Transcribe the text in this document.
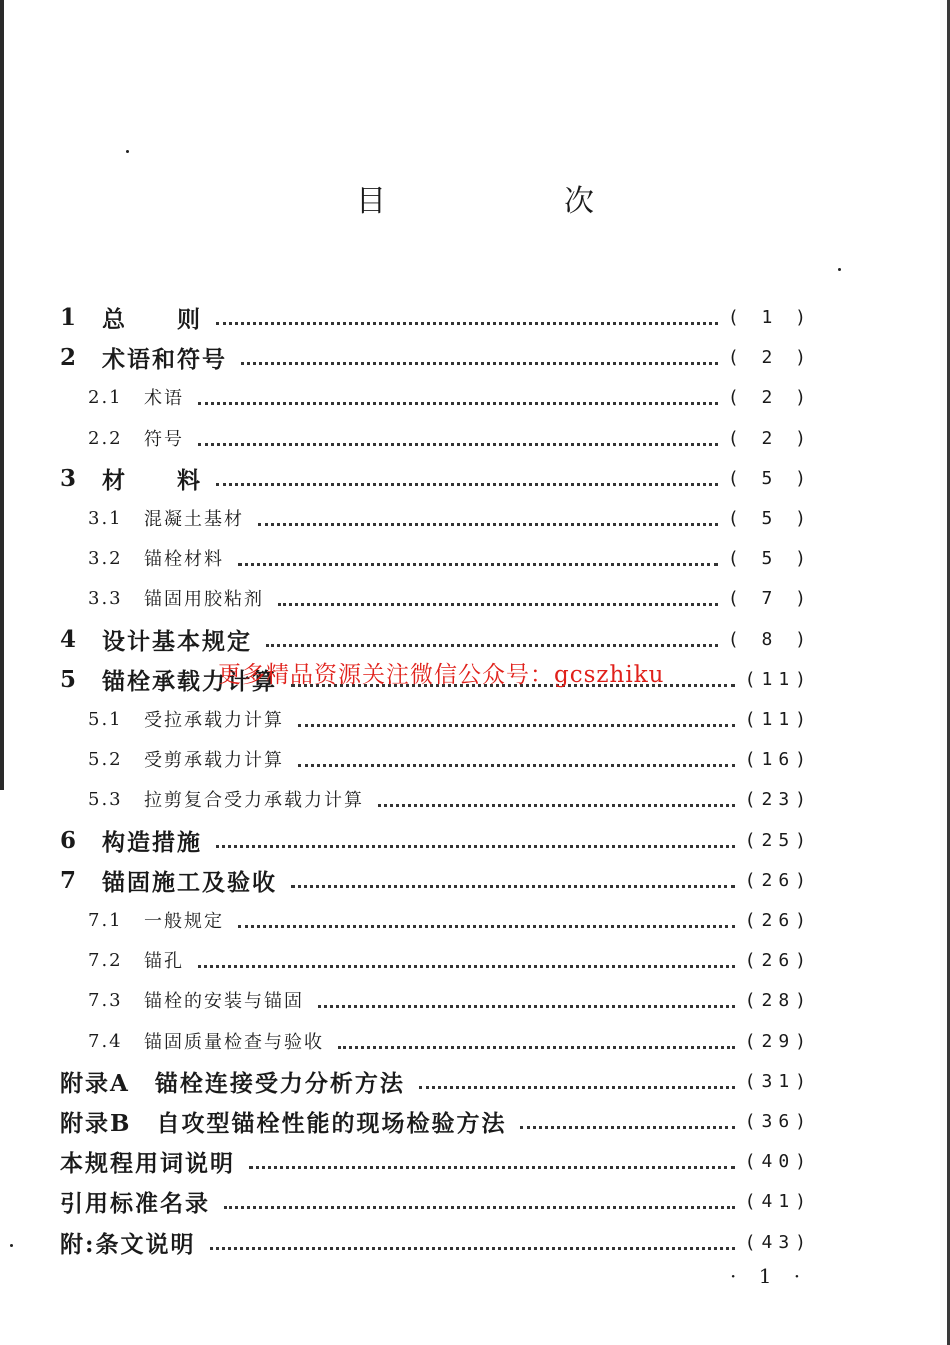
目　次
1	总　　则	( 1 )
2	术语和符号	( 2 )
2.1	术语	( 2 )
2.2	符号	( 2 )
3	材　　料	( 5 )
3.1	混凝土基材	( 5 )
3.2	锚栓材料	( 5 )
3.3	锚固用胶粘剂	( 7 )
4	设计基本规定	( 8 )
5	锚栓承载力计算	(11)
5.1	受拉承载力计算	(11)
5.2	受剪承载力计算	(16)
5.3	拉剪复合受力承载力计算	(23)
6	构造措施	(25)
7	锚固施工及验收	(26)
7.1	一般规定	(26)
7.2	锚孔	(26)
7.3	锚栓的安装与锚固	(28)
7.4	锚固质量检查与验收	(29)
附录A　锚栓连接受力分析方法	(31)
附录B　自攻型锚栓性能的现场检验方法	(36)
本规程用词说明	(40)
引用标准名录	(41)
附:条文说明	(43)
更多精品资源关注微信公众号：gcszhiku
· 1 ·
